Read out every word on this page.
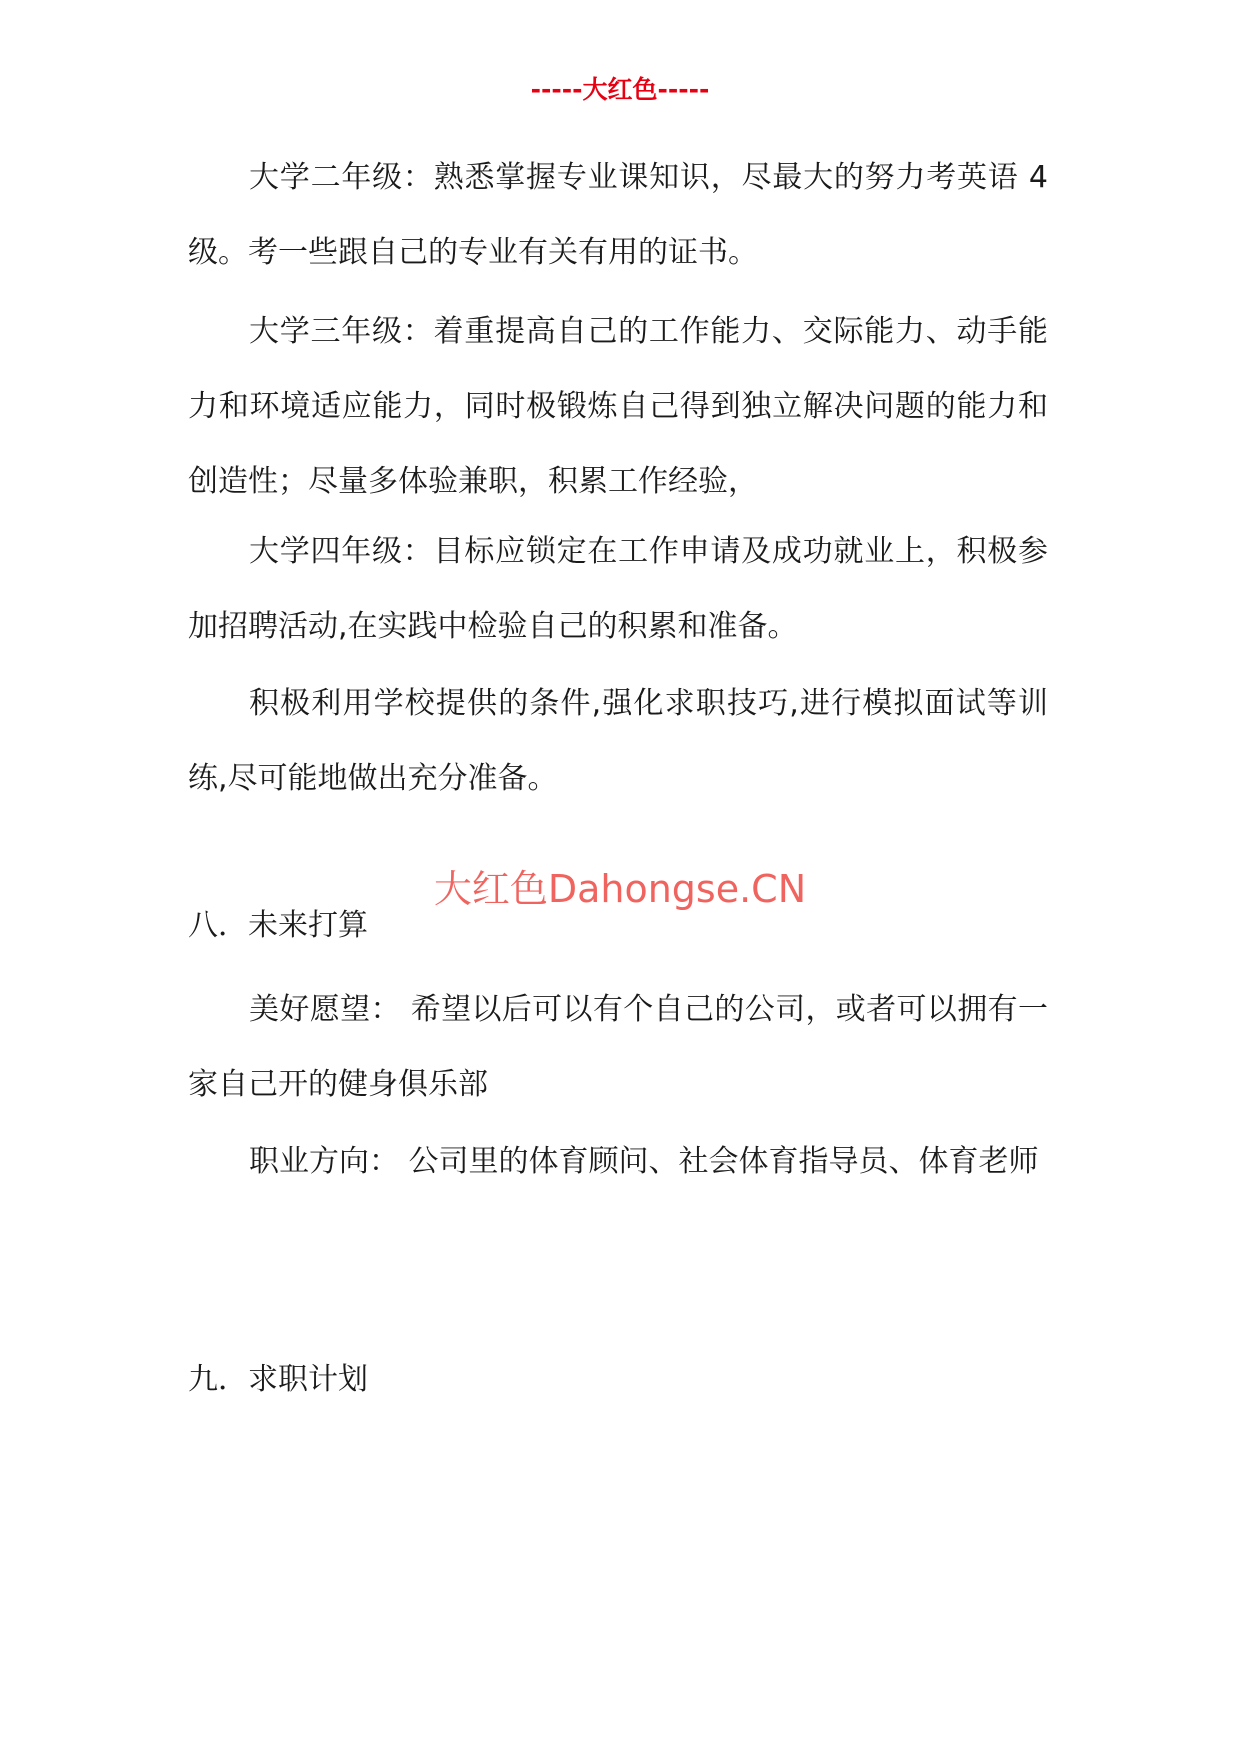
-----大红色-----

大学二年级：熟悉掌握专业课知识，尽最大的努力考英语 4 级。考一些跟自己的专业有关有用的证书。

大学三年级：着重提高自己的工作能力、交际能力、动手能力和环境适应能力，同时极锻炼自己得到独立解决问题的能力和创造性；尽量多体验兼职，积累工作经验，

大学四年级：目标应锁定在工作申请及成功就业上，积极参加招聘活动,在实践中检验自己的积累和准备。

积极利用学校提供的条件,强化求职技巧,进行模拟面试等训练,尽可能地做出充分准备。

大红色Dahongse.CN

八．未来打算

美好愿望： 希望以后可以有个自己的公司，或者可以拥有一家自己开的健身俱乐部

职业方向： 公司里的体育顾问、社会体育指导员、体育老师

九．求职计划
